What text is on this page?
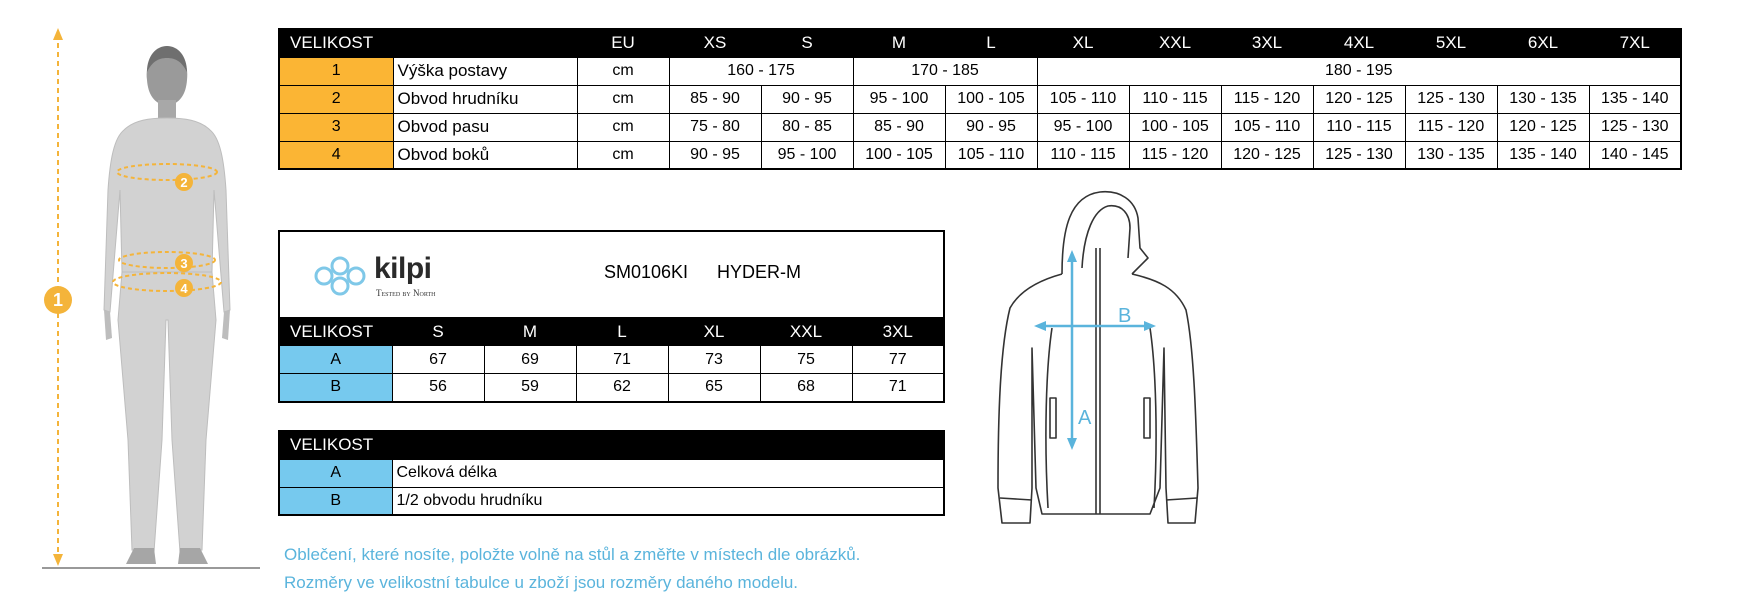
1
2
3
4
VELIKOST		EU	XS	S	M	L	XL	XXL	3XL	4XL	5XL	6XL	7XL
1	Výška postavy	cm	160 - 175		170 - 185		180 - 195						
2	Obvod hrudníku	cm	85 - 90	90 - 95	95 - 100	100 - 105	105 - 110	110 - 115	115 - 120	120 - 125	125 - 130	130 - 135	135 - 140
3	Obvod pasu	cm	75 - 80	80 - 85	85 - 90	90 - 95	95 - 100	100 - 105	105 - 110	110 - 115	115 - 120	120 - 125	125 - 130
4	Obvod boků	cm	90 - 95	95 - 100	100 - 105	105 - 110	110 - 115	115 - 120	120 - 125	125 - 130	130 - 135	135 - 140	140 - 145
kilpi
Tested by North
SM0106KI HYDER-M						

VELIKOST	S	M	L	XL	XXL	3XL
A	67	69	71	73	75	77
B	56	59	62	65	68	71
VELIKOST	
A	Celková délka
B	1/2 obvodu hrudníku
B
A
Oblečení, které nosíte, položte volně na stůl a změřte v místech dle obrázků.
Rozměry ve velikostní tabulce u zboží jsou rozměry daného modelu.
